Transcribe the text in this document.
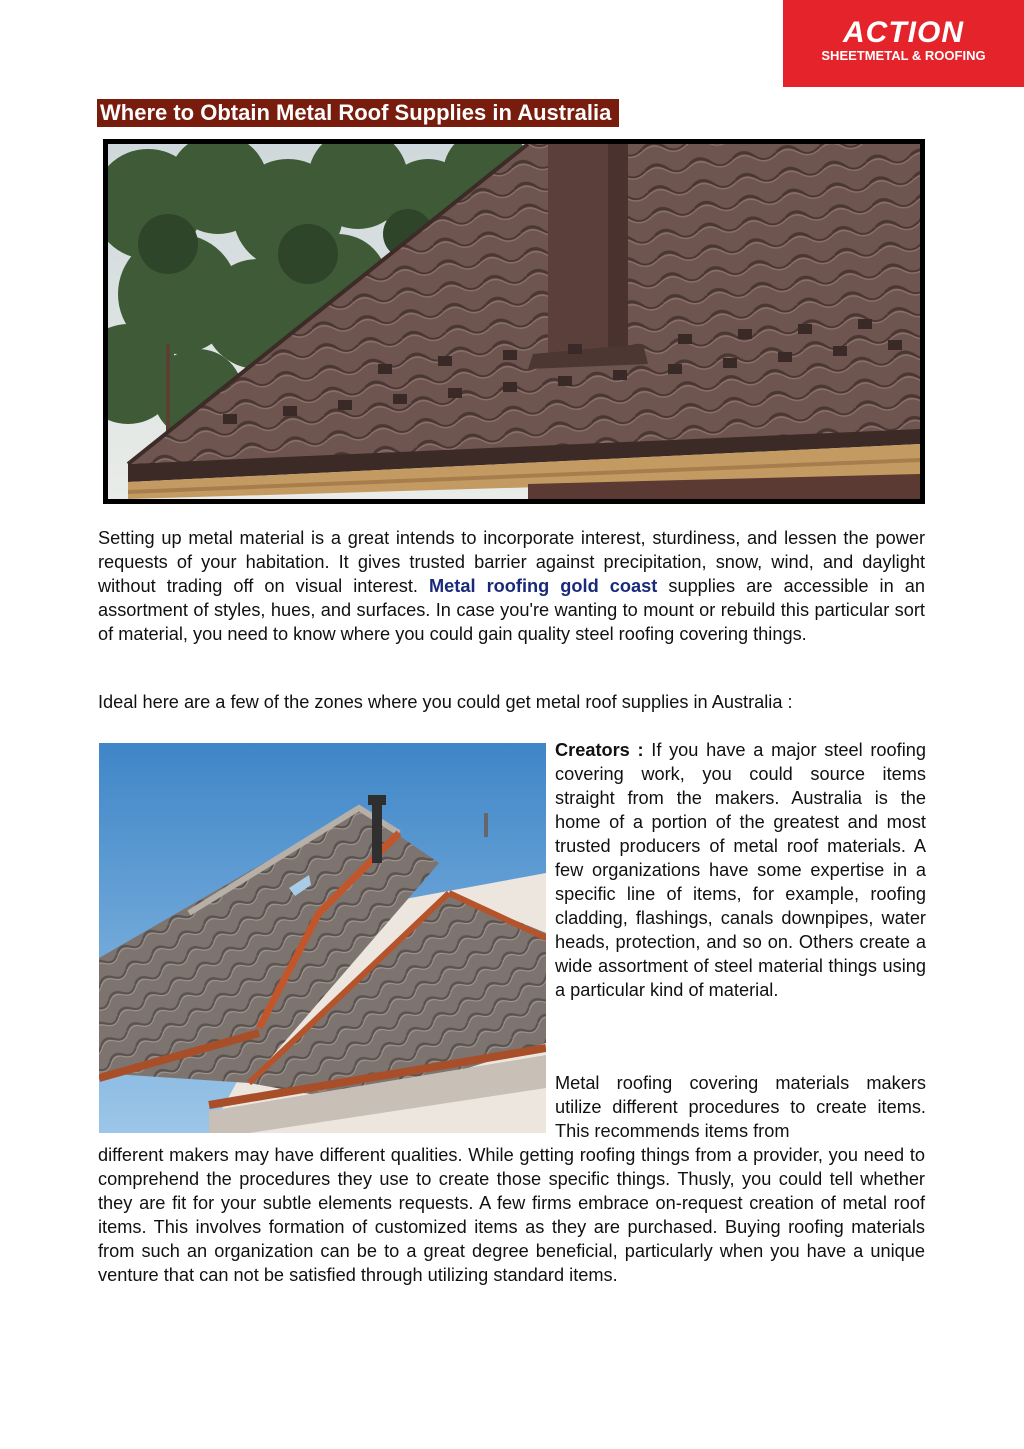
ACTION
SHEETMETAL & ROOFING
Where to Obtain Metal Roof Supplies in Australia

Setting up metal material is a great intends to incorporate interest, sturdiness, and lessen the power requests of your habitation. It gives trusted barrier against precipitation, snow, wind, and daylight without trading off on visual interest. Metal roofing gold coast supplies are accessible in an assortment of styles, hues, and surfaces. In case you're wanting to mount or rebuild this particular sort of material, you need to know where you could gain quality steel roofing covering things.

Ideal here are a few of the zones where you could get metal roof supplies in Australia :

Creators : If you have a major steel roofing covering work, you could source items straight from the makers. Australia is the home of a portion of the greatest and most trusted producers of metal roof materials. A few organizations have some expertise in a specific line of items, for example, roofing cladding, flashings, canals downpipes, water heads, protection, and so on. Others create a wide assortment of steel material things using a particular kind of material.

Metal roofing covering materials makers utilize different procedures to create items. This recommends items from

different makers may have different qualities. While getting roofing things from a provider, you need to comprehend the procedures they use to create those specific things. Thusly, you could tell whether they are fit for your subtle elements requests. A few firms embrace on-request creation of metal roof items. This involves formation of customized items as they are purchased. Buying roofing materials from such an organization can be to a great degree beneficial, particularly when you have a unique venture that can not be satisfied through utilizing standard items.
